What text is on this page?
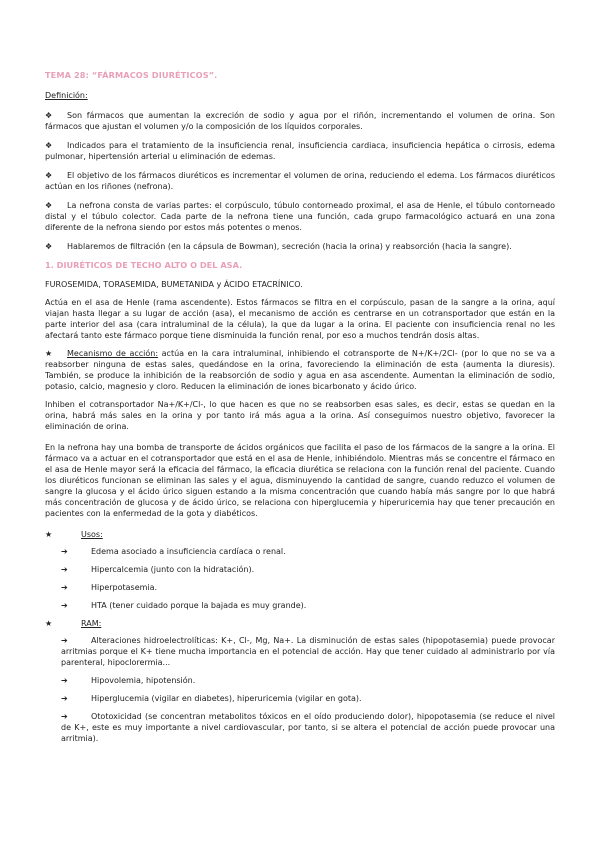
TEMA 28: “FÁRMACOS DIURÉTICOS”.

Definición:

❖ Son fármacos que aumentan la excreción de sodio y agua por el riñón, incrementando el volumen de orina. Son fármacos que ajustan el volumen y/o la composición de los líquidos corporales.

❖ Indicados para el tratamiento de la insuficiencia renal, insuficiencia cardiaca, insuficiencia hepática o cirrosis, edema pulmonar, hipertensión arterial u eliminación de edemas.

❖ El objetivo de los fármacos diuréticos es incrementar el volumen de orina, reduciendo el edema. Los fármacos diuréticos actúan en los riñones (nefrona).

❖ La nefrona consta de varias partes: el corpúsculo, túbulo contorneado proximal, el asa de Henle, el túbulo contorneado distal y el túbulo colector. Cada parte de la nefrona tiene una función, cada grupo farmacológico actuará en una zona diferente de la nefrona siendo por estos más potentes o menos.

❖ Hablaremos de filtración (en la cápsula de Bowman), secreción (hacia la orina) y reabsorción (hacia la sangre).

1. DIURÉTICOS DE TECHO ALTO O DEL ASA.

FUROSEMIDA, TORASEMIDA, BUMETANIDA y ÁCIDO ETACRÍNICO.

Actúa en el asa de Henle (rama ascendente). Estos fármacos se filtra en el corpúsculo, pasan de la sangre a la orina, aquí viajan hasta llegar a su lugar de acción (asa), el mecanismo de acción es centrarse en un cotransportador que están en la parte interior del asa (cara intraluminal de la célula), la que da lugar a la orina. El paciente con insuficiencia renal no les afectará tanto este fármaco porque tiene disminuida la función renal, por eso a muchos tendrán dosis altas.

★ Mecanismo de acción: actúa en la cara intraluminal, inhibiendo el cotransporte de N+/K+/2Cl- (por lo que no se va a reabsorber ninguna de estas sales, quedándose en la orina, favoreciendo la eliminación de esta (aumenta la diuresis). También, se produce la inhibición de la reabsorción de sodio y agua en asa ascendente. Aumentan la eliminación de sodio, potasio, calcio, magnesio y cloro. Reducen la eliminación de iones bicarbonato y ácido úrico.

Inhiben el cotransportador Na+/K+/Cl-, lo que hacen es que no se reabsorben esas sales, es decir, estas se quedan en la orina, habrá más sales en la orina y por tanto irá más agua a la orina. Así conseguimos nuestro objetivo, favorecer la eliminación de orina.

En la nefrona hay una bomba de transporte de ácidos orgánicos que facilita el paso de los fármacos de la sangre a la orina. El fármaco va a actuar en el cotransportador que está en el asa de Henle, inhibiéndolo. Mientras más se concentre el fármaco en el asa de Henle mayor será la eficacia del fármaco, la eficacia diurética se relaciona con la función renal del paciente. Cuando los diuréticos funcionan se eliminan las sales y el agua, disminuyendo la cantidad de sangre, cuando reduzco el volumen de sangre la glucosa y el ácido úrico siguen estando a la misma concentración que cuando había más sangre por lo que habrá más concentración de glucosa y de ácido úrico, se relaciona con hiperglucemia y hiperuricemia hay que tener precaución en pacientes con la enfermedad de la gota y diabéticos.

★	Usos:
➔	Edema asociado a insuficiencia cardíaca o renal.
➔	Hipercalcemia (junto con la hidratación).
➔	Hiperpotasemia.
➔	HTA (tener cuidado porque la bajada es muy grande).
★	RAM:

➔	Alteraciones hidroelectrolíticas: K+, Cl-, Mg, Na+. La disminución de estas sales (hipopotasemia) puede provocar arritmias porque el K+ tiene mucha importancia en el potencial de acción. Hay que tener cuidado al administrarlo por vía parenteral, hipoclorermia...

➔	Hipovolemia, hipotensión.
➔	Hiperglucemia (vigilar en diabetes), hiperuricemia (vigilar en gota).

➔	Ototoxicidad (se concentran metabolitos tóxicos en el oído produciendo dolor), hipopotasemia (se reduce el nivel de K+, este es muy importante a nivel cardiovascular, por tanto, si se altera el potencial de acción puede provocar una arritmia).
